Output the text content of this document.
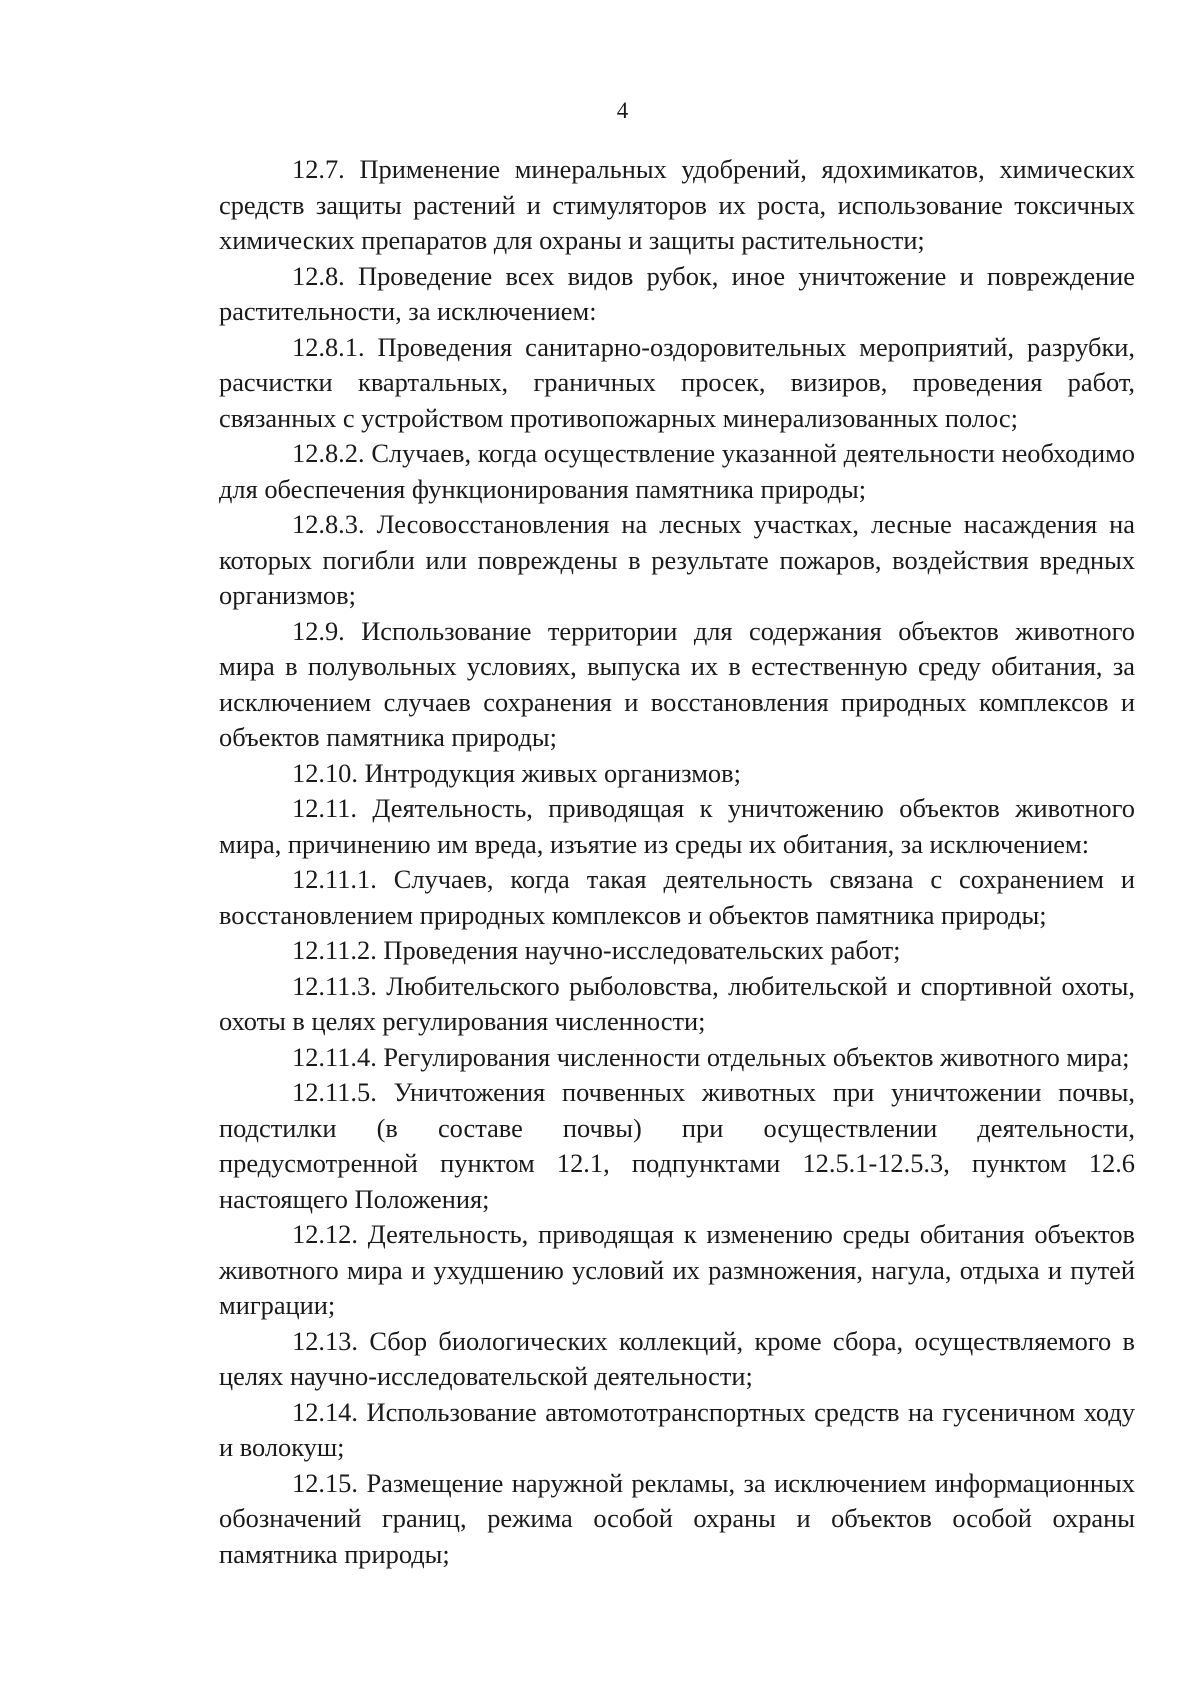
4

12.7. Применение минеральных удобрений, ядохимикатов, химических средств защиты растений и стимуляторов их роста, использование токсичных химических препаратов для охраны и защиты растительности;

12.8. Проведение всех видов рубок, иное уничтожение и повреждение растительности, за исключением:

12.8.1. Проведения санитарно-оздоровительных мероприятий, разрубки, расчистки квартальных, граничных просек, визиров, проведения работ, связанных с устройством противопожарных минерализованных полос;

12.8.2. Случаев, когда осуществление указанной деятельности необходимо для обеспечения функционирования памятника природы;

12.8.3. Лесовосстановления на лесных участках, лесные насаждения на которых погибли или повреждены в результате пожаров, воздействия вредных организмов;

12.9. Использование территории для содержания объектов животного мира в полувольных условиях, выпуска их в естественную среду обитания, за исключением случаев сохранения и восстановления природных комплексов и объектов памятника природы;

12.10. Интродукция живых организмов;

12.11. Деятельность, приводящая к уничтожению объектов животного мира, причинению им вреда, изъятие из среды их обитания, за исключением:

12.11.1. Случаев, когда такая деятельность связана с сохранением и восстановлением природных комплексов и объектов памятника природы;

12.11.2. Проведения научно-исследовательских работ;

12.11.3. Любительского рыболовства, любительской и спортивной охоты, охоты в целях регулирования численности;

12.11.4. Регулирования численности отдельных объектов животного мира;

12.11.5. Уничтожения почвенных животных при уничтожении почвы, подстилки (в составе почвы) при осуществлении деятельности, предусмотренной пунктом 12.1, подпунктами 12.5.1-12.5.3, пунктом 12.6 настоящего Положения;

12.12. Деятельность, приводящая к изменению среды обитания объектов животного мира и ухудшению условий их размножения, нагула, отдыха и путей миграции;

12.13. Сбор биологических коллекций, кроме сбора, осуществляемого в целях научно-исследовательской деятельности;

12.14. Использование автомототранспортных средств на гусеничном ходу и волокуш;

12.15. Размещение наружной рекламы, за исключением информационных обозначений границ, режима особой охраны и объектов особой охраны памятника природы;
